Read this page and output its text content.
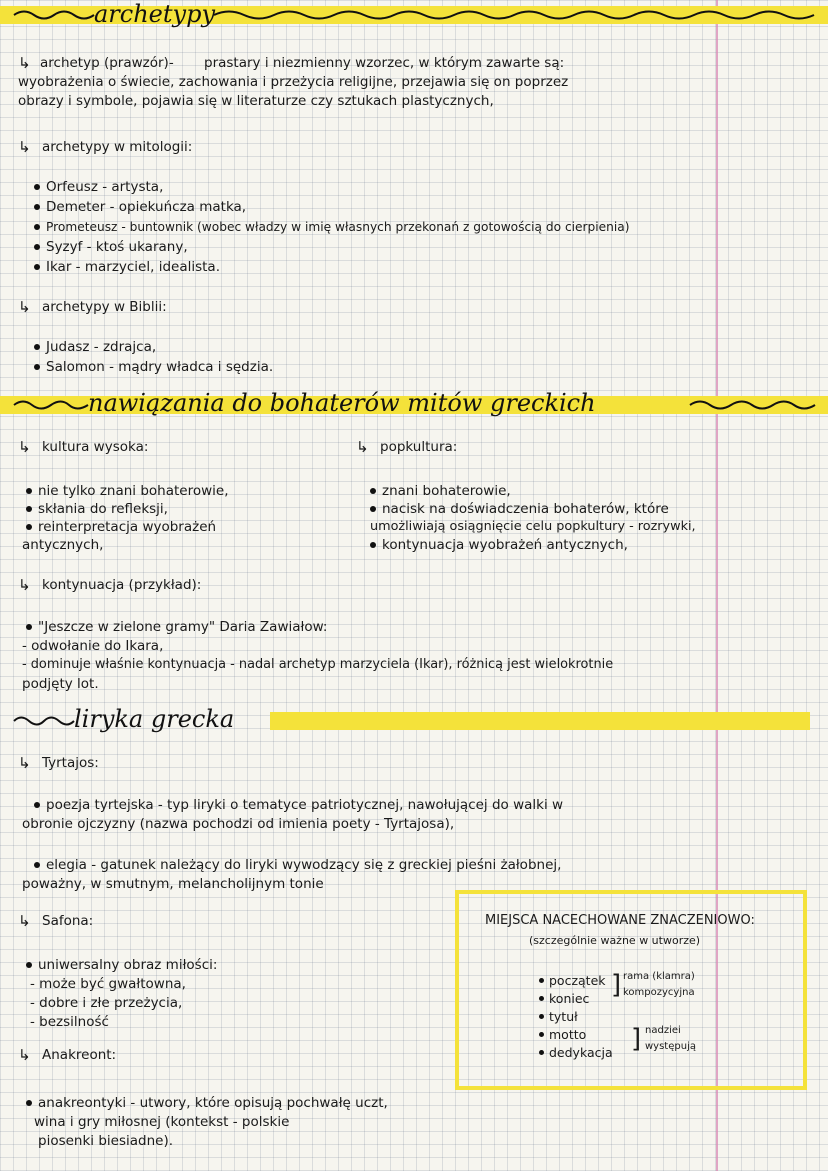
archetypy
↳ archetyp (prawzór)- prastary i niezmienny wzorzec, w którym zawarte są:
wyobrażenia o świecie, zachowania i przeżycia religijne, przejawia się on poprzez
obrazy i symbole, pojawia się w literaturze czy sztukach plastycznych,
↳ archetypy w mitologii:
Orfeusz - artysta,
Demeter - opiekuńcza matka,
Prometeusz - buntownik (wobec władzy w imię własnych przekonań z gotowością do cierpienia)
Syzyf - ktoś ukarany,
Ikar - marzyciel, idealista.
↳ archetypy w Biblii:
Judasz - zdrajca,
Salomon - mądry władca i sędzia.
nawiązania do bohaterów mitów greckich
↳ kultura wysoka:	↳ popkultura:
nie tylko znani bohaterowie,
skłania do refleksji,
reinterpretacja wyobrażeń
antycznych,
znani bohaterowie,
nacisk na doświadczenia bohaterów, które
umożliwiają osiągnięcie celu popkultury - rozrywki,
kontynuacja wyobrażeń antycznych,
↳ kontynuacja (przykład):
"Jeszcze w zielone gramy" Daria Zawiałow:
- odwołanie do Ikara,
- dominuje właśnie kontynuacja - nadal archetyp marzyciela (Ikar), różnicą jest wielokrotnie
podjęty lot.
liryka grecka
↳ Tyrtajos:
poezja tyrtejska - typ liryki o tematyce patriotycznej, nawołującej do walki w
obronie ojczyzny (nazwa pochodzi od imienia poety - Tyrtajosa),
elegia - gatunek należący do liryki wywodzący się z greckiej pieśni żałobnej,
poważny, w smutnym, melancholijnym tonie
↳ Safona:
uniwersalny obraz miłości:
- może być gwałtowna,
- dobre i złe przeżycia,
- bezsilność
↳ Anakreont:
anakreontyki - utwory, które opisują pochwałę uczt,
wina i gry miłosnej (kontekst - polskie
piosenki biesiadne).
MIEJSCA NACECHOWANE ZNACZENIOWO:
(szczególnie ważne w utworze)
początek
koniec
tytuł
motto
dedykacja
] rama (klamra)
kompozycyjna
] nadziei
występują
